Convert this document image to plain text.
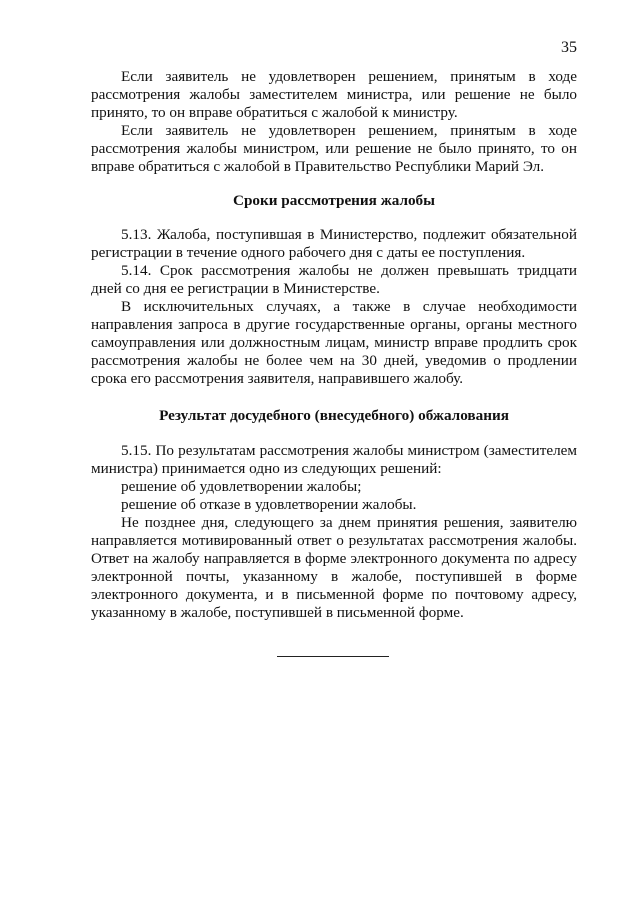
35

Если заявитель не удовлетворен решением, принятым в ходе рассмотрения жалобы заместителем министра, или решение не было принято, то он вправе обратиться с жалобой к министру.

Если заявитель не удовлетворен решением, принятым в ходе рассмотрения жалобы министром, или решение не было принято, то он вправе обратиться с жалобой в Правительство Республики Марий Эл.

Сроки рассмотрения жалобы

5.13. Жалоба, поступившая в Министерство, подлежит обязательной регистрации в течение одного рабочего дня с даты ее поступления.

5.14. Срок рассмотрения жалобы не должен превышать тридцати дней со дня ее регистрации в Министерстве.

В исключительных случаях, а также в случае необходимости направления запроса в другие государственные органы, органы местного самоуправления или должностным лицам, министр вправе продлить срок рассмотрения жалобы не более чем на 30 дней, уведомив о продлении срока его рассмотрения заявителя, направившего жалобу.

Результат досудебного (внесудебного) обжалования

5.15. По результатам рассмотрения жалобы министром (заместителем министра) принимается одно из следующих решений:

решение об удовлетворении жалобы;

решение об отказе в удовлетворении жалобы.

Не позднее дня, следующего за днем принятия решения, заявителю направляется мотивированный ответ о результатах рассмотрения жалобы. Ответ на жалобу направляется в форме электронного документа по адресу электронной почты, указанному в жалобе, поступившей в форме электронного документа, и в письменной форме по почтовому адресу, указанному в жалобе, поступившей в письменной форме.
